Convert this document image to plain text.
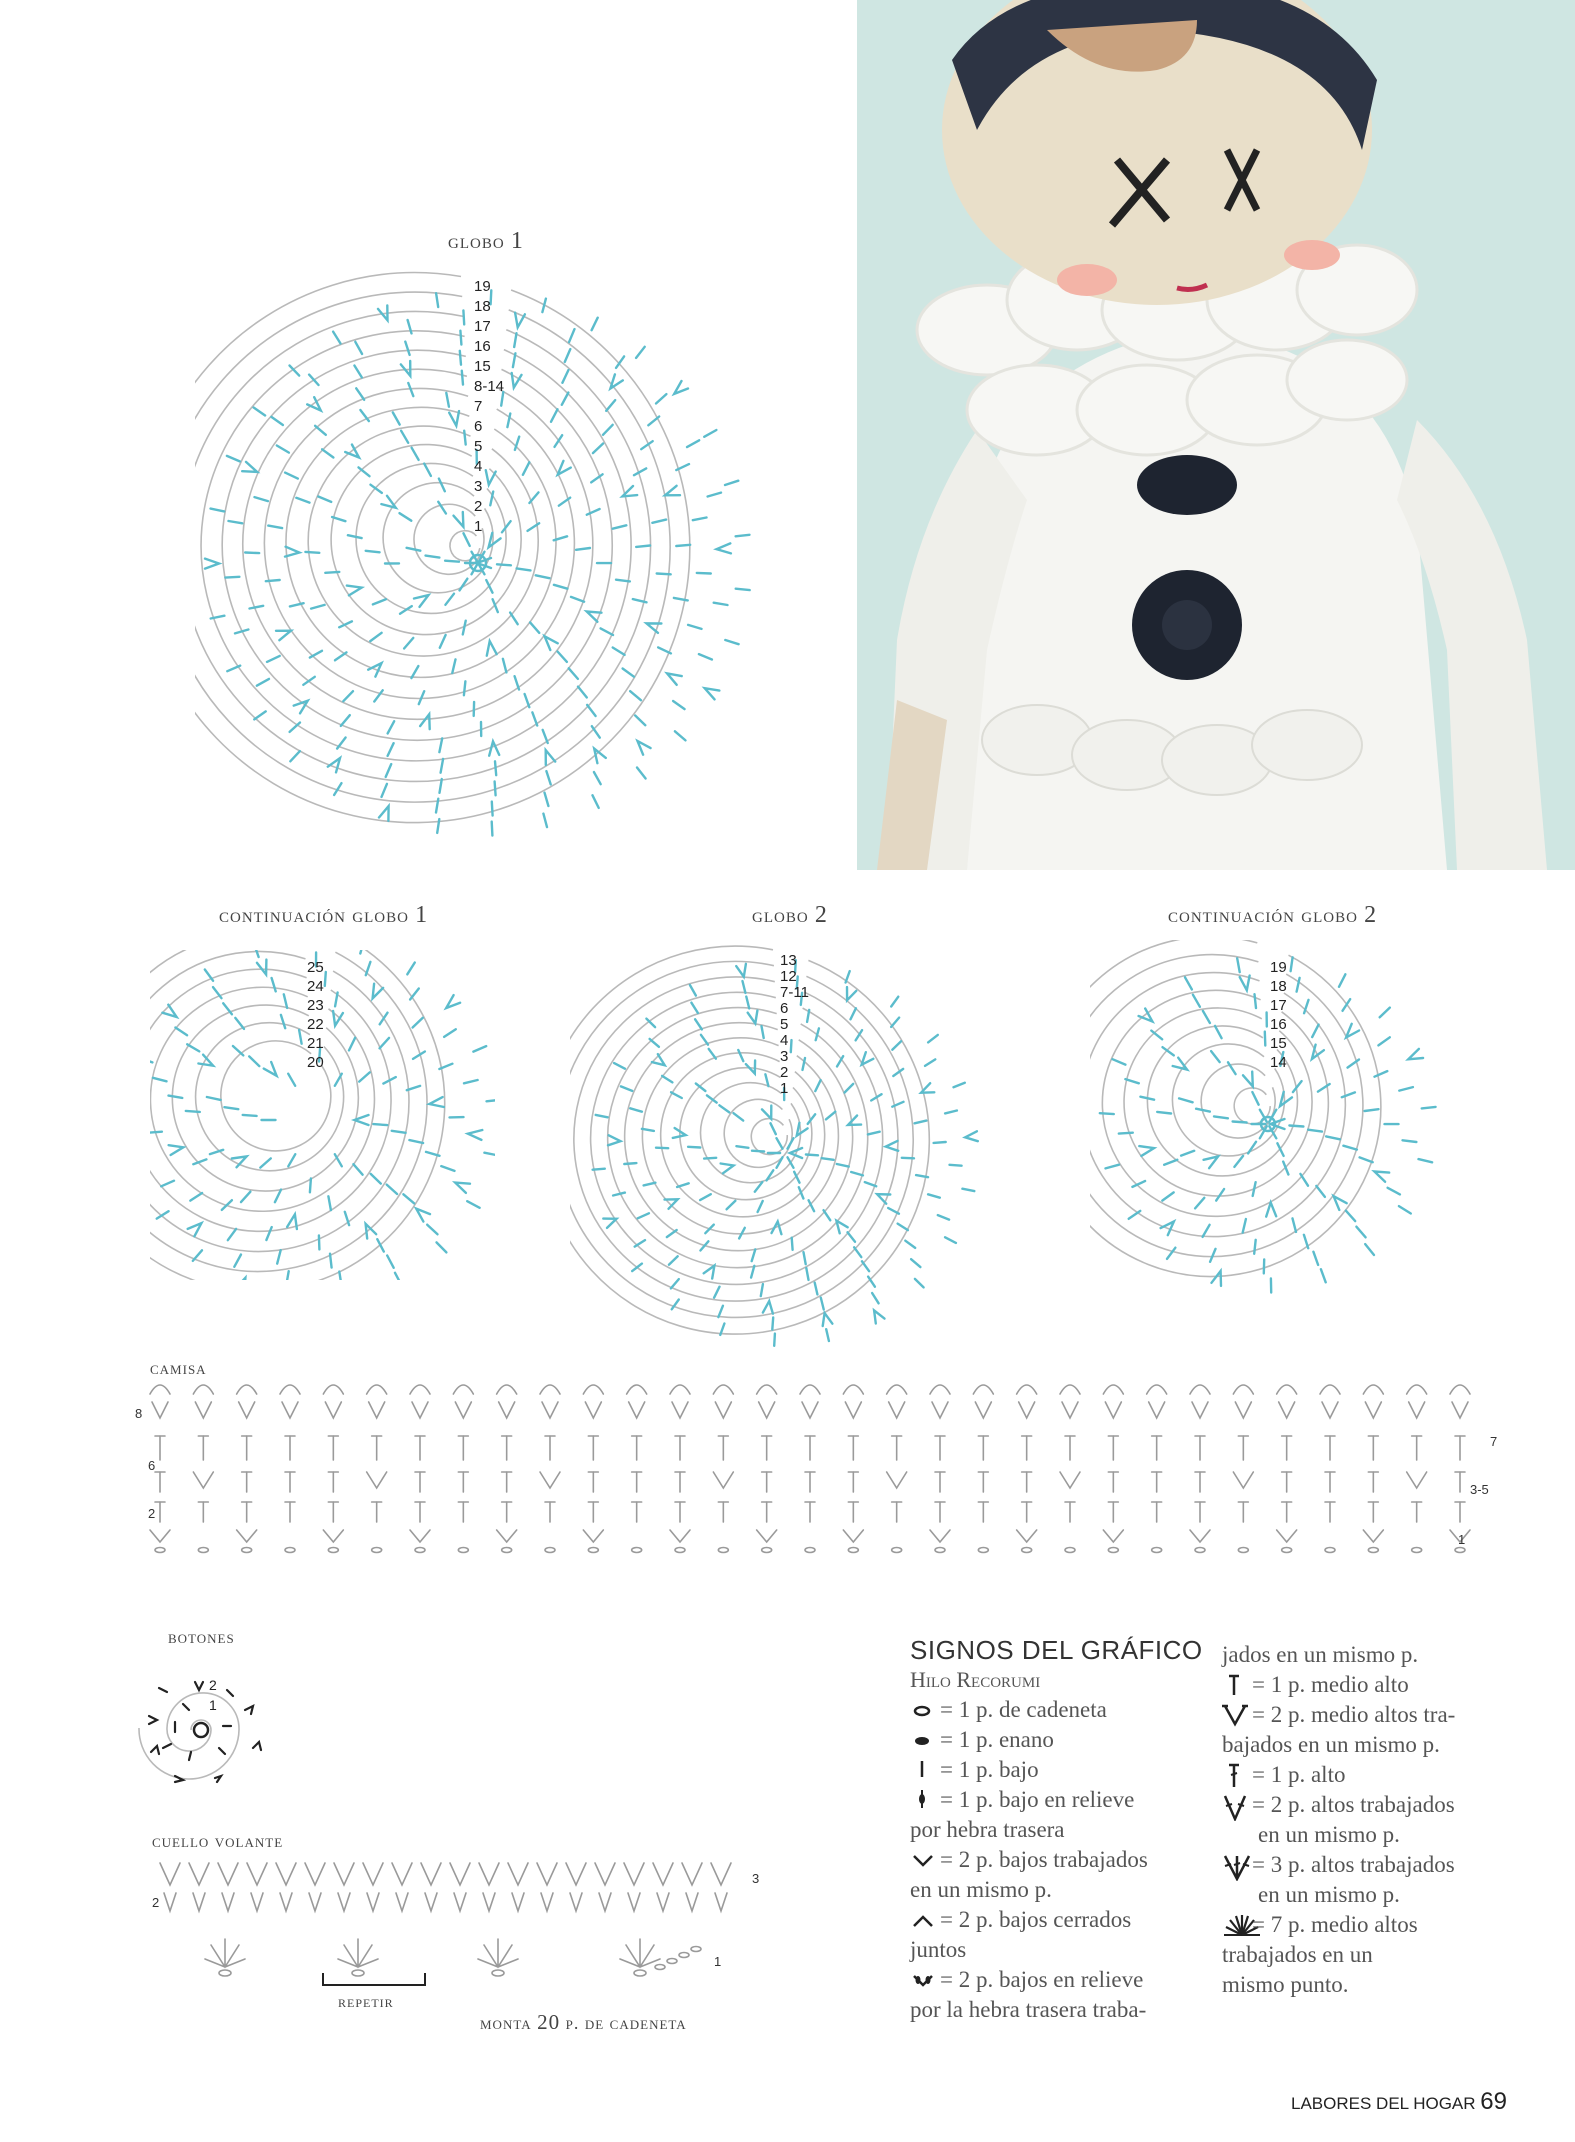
globo 1
19
18
17
16
15
8-14
7
6
5
4
3
2
1
continuación globo 1
25
24
23
22
21
20
globo 2
13
12
7-11
6
5
4
3
2
1
continuación globo 2
19
18
17
16
15
14
camisa
8
6
2
7
3-5
1
botones
2
1
cuello volante
2
3
1
repetir
monta 20 p. de cadeneta
SIGNOS DEL GRÁFICO
Hilo Recorumi
= 1 p. de cadeneta
= 1 p. enano
= 1 p. bajo
= 1 p. bajo en relieve
por hebra trasera
= 2 p. bajos trabajados
en un mismo p.
= 2 p. bajos cerrados
juntos
= 2 p. bajos en relieve
por la hebra trasera traba-
jados en un mismo p.
= 1 p. medio alto
= 2 p. medio altos tra-
bajados en un mismo p.
= 1 p. alto
= 2 p. altos trabajados
en un mismo p.
= 3 p. altos trabajados
en un mismo p.
= 7 p. medio altos
trabajados en un
mismo punto.
LABORES DEL HOGAR 69
